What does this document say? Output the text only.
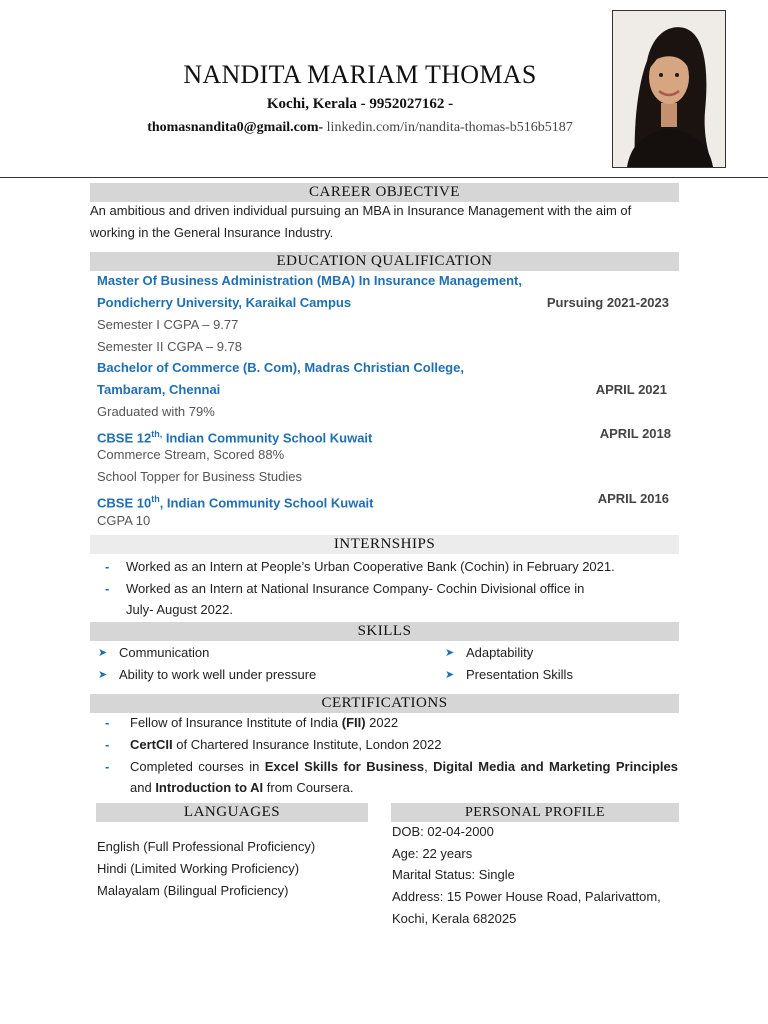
NANDITA MARIAM THOMAS
Kochi, Kerala - 9952027162 -
thomasnandita0@gmail.com- linkedin.com/in/nandita-thomas-b516b5187
CAREER OBJECTIVE
An ambitious and driven individual pursuing an MBA in Insurance Management with the aim of
working in the General Insurance Industry.
EDUCATION QUALIFICATION
Master Of Business Administration (MBA) In Insurance Management,
Pondicherry University, Karaikal Campus	Pursuing 2021-2023
Semester I CGPA – 9.77
Semester II CGPA – 9.78
Bachelor of Commerce (B. Com), Madras Christian College,
Tambaram, Chennai	APRIL 2021
Graduated with 79%
CBSE $12^{th,}$ Indian Community School Kuwait	APRIL 2018
Commerce Stream, Scored 88%
School Topper for Business Studies
CBSE 10th, Indian Community School Kuwait	APRIL 2016
CGPA 10
INTERNSHIPS
- Worked as an Intern at People’s Urban Cooperative Bank (Cochin) in February 2021.
- Worked as an Intern at National Insurance Company- Cochin Divisional office in
July- August 2022.
SKILLS
➤ Communication	➤ Adaptability
➤ Ability to work well under pressure	➤ Presentation Skills
CERTIFICATIONS
- Fellow of Insurance Institute of India (FII) 2022
- CertCII of Chartered Insurance Institute, London 2022
- Completed courses in Excel Skills for Business, Digital Media and Marketing Principles
and Introduction to AI from Coursera.
LANGUAGES
English (Full Professional Proficiency)
Hindi (Limited Working Proficiency)
Malayalam (Bilingual Proficiency)
PERSONAL PROFILE
DOB: 02-04-2000
Age: 22 years
Marital Status: Single
Address: 15 Power House Road, Palarivattom,
Kochi, Kerala 682025
